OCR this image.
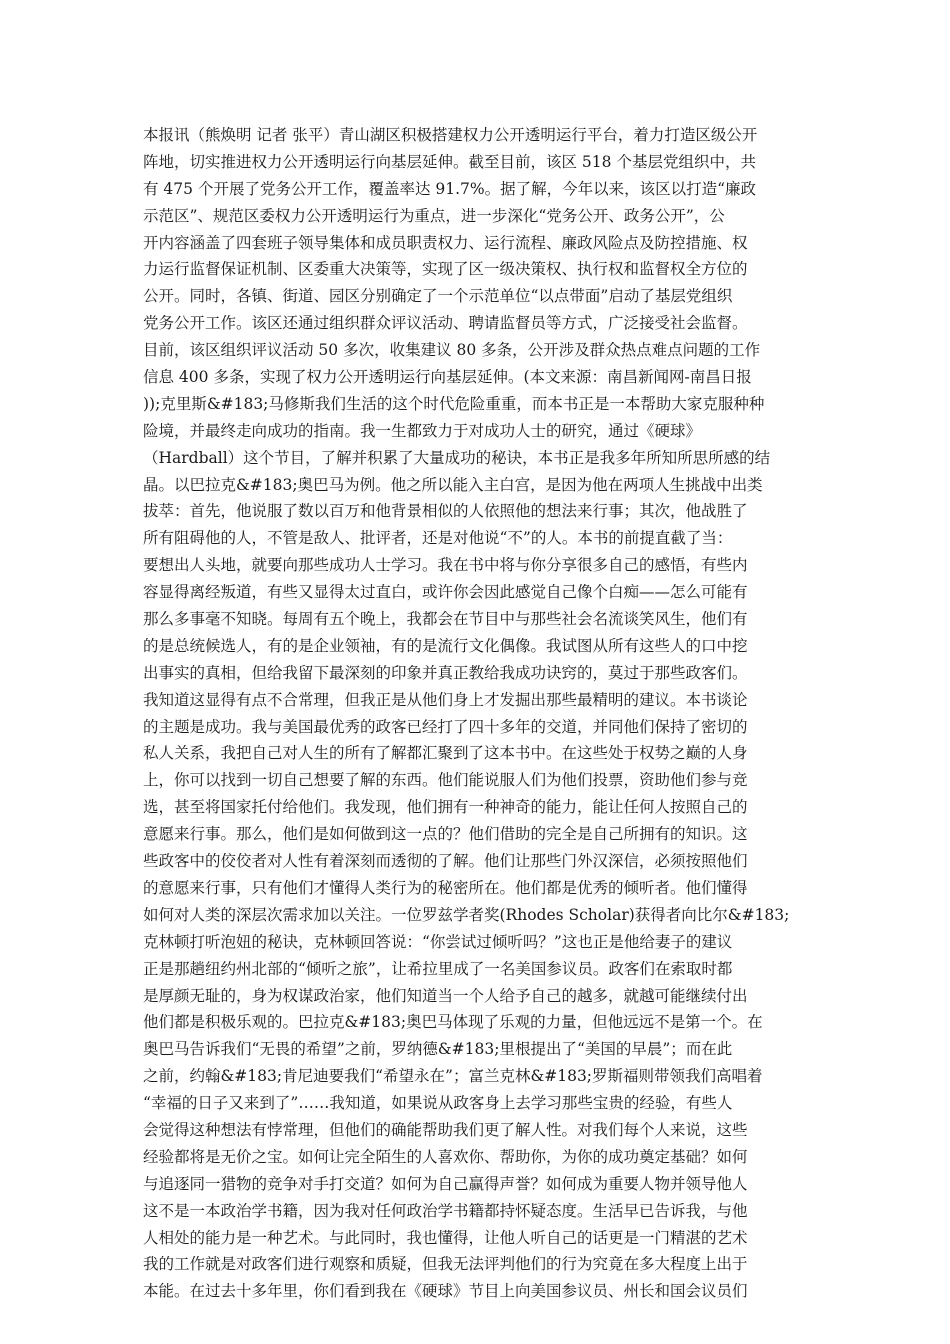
本报讯（熊焕明 记者 张平）青山湖区积极搭建权力公开透明运行平台，着力打造区级公开
阵地，切实推进权力公开透明运行向基层延伸。截至目前，该区 518 个基层党组织中，共
有 475 个开展了党务公开工作，覆盖率达 91.7%。据了解，今年以来，该区以打造“廉政
示范区”、规范区委权力公开透明运行为重点，进一步深化“党务公开、政务公开”，公
开内容涵盖了四套班子领导集体和成员职责权力、运行流程、廉政风险点及防控措施、权
力运行监督保证机制、区委重大决策等，实现了区一级决策权、执行权和监督权全方位的
公开。同时，各镇、街道、园区分别确定了一个示范单位“以点带面”启动了基层党组织
党务公开工作。该区还通过组织群众评议活动、聘请监督员等方式，广泛接受社会监督。
目前，该区组织评议活动 50 多次，收集建议 80 多条，公开涉及群众热点难点问题的工作
信息 400 多条，实现了权力公开透明运行向基层延伸。(本文来源：南昌新闻网-南昌日报
));克里斯&#183;马修斯我们生活的这个时代危险重重，而本书正是一本帮助大家克服种种
险境，并最终走向成功的指南。我一生都致力于对成功人士的研究，通过《硬球》
（Hardball）这个节目，了解并积累了大量成功的秘诀，本书正是我多年所知所思所感的结
晶。以巴拉克&#183;奥巴马为例。他之所以能入主白宫，是因为他在两项人生挑战中出类
拔萃：首先，他说服了数以百万和他背景相似的人依照他的想法来行事；其次，他战胜了
所有阻碍他的人，不管是敌人、批评者，还是对他说“不”的人。本书的前提直截了当：
要想出人头地，就要向那些成功人士学习。我在书中将与你分享很多自己的感悟，有些内
容显得离经叛道，有些又显得太过直白，或许你会因此感觉自己像个白痴——怎么可能有
那么多事毫不知晓。每周有五个晚上，我都会在节目中与那些社会名流谈笑风生，他们有
的是总统候选人，有的是企业领袖，有的是流行文化偶像。我试图从所有这些人的口中挖
出事实的真相，但给我留下最深刻的印象并真正教给我成功诀窍的，莫过于那些政客们。
我知道这显得有点不合常理，但我正是从他们身上才发掘出那些最精明的建议。本书谈论
的主题是成功。我与美国最优秀的政客已经打了四十多年的交道，并同他们保持了密切的
私人关系，我把自己对人生的所有了解都汇聚到了这本书中。在这些处于权势之巅的人身
上，你可以找到一切自己想要了解的东西。他们能说服人们为他们投票，资助他们参与竞
选，甚至将国家托付给他们。我发现，他们拥有一种神奇的能力，能让任何人按照自己的
意愿来行事。那么，他们是如何做到这一点的？他们借助的完全是自己所拥有的知识。这
些政客中的佼佼者对人性有着深刻而透彻的了解。他们让那些门外汉深信，必须按照他们
的意愿来行事，只有他们才懂得人类行为的秘密所在。他们都是优秀的倾听者。他们懂得
如何对人类的深层次需求加以关注。一位罗兹学者奖(Rhodes Scholar)获得者向比尔&#183;
克林顿打听泡妞的秘诀，克林顿回答说：“你尝试过倾听吗？”这也正是他给妻子的建议
正是那趟纽约州北部的“倾听之旅”，让希拉里成了一名美国参议员。政客们在索取时都
是厚颜无耻的，身为权谋政治家，他们知道当一个人给予自己的越多，就越可能继续付出
他们都是积极乐观的。巴拉克&#183;奥巴马体现了乐观的力量，但他远远不是第一个。在
奥巴马告诉我们“无畏的希望”之前，罗纳德&#183;里根提出了“美国的早晨”；而在此
之前，约翰&#183;肯尼迪要我们“希望永在”；富兰克林&#183;罗斯福则带领我们高唱着
“幸福的日子又来到了”……我知道，如果说从政客身上去学习那些宝贵的经验，有些人
会觉得这种想法有悖常理，但他们的确能帮助我们更了解人性。对我们每个人来说，这些
经验都将是无价之宝。如何让完全陌生的人喜欢你、帮助你，为你的成功奠定基础？如何
与追逐同一猎物的竞争对手打交道？如何为自己赢得声誉？如何成为重要人物并领导他人
这不是一本政治学书籍，因为我对任何政治学书籍都持怀疑态度。生活早已告诉我，与他
人相处的能力是一种艺术。与此同时，我也懂得，让他人听自己的话更是一门精湛的艺术
我的工作就是对政客们进行观察和质疑，但我无法评判他们的行为究竟在多大程度上出于
本能。在过去十多年里，你们看到我在《硬球》节目上向美国参议员、州长和国会议员们
